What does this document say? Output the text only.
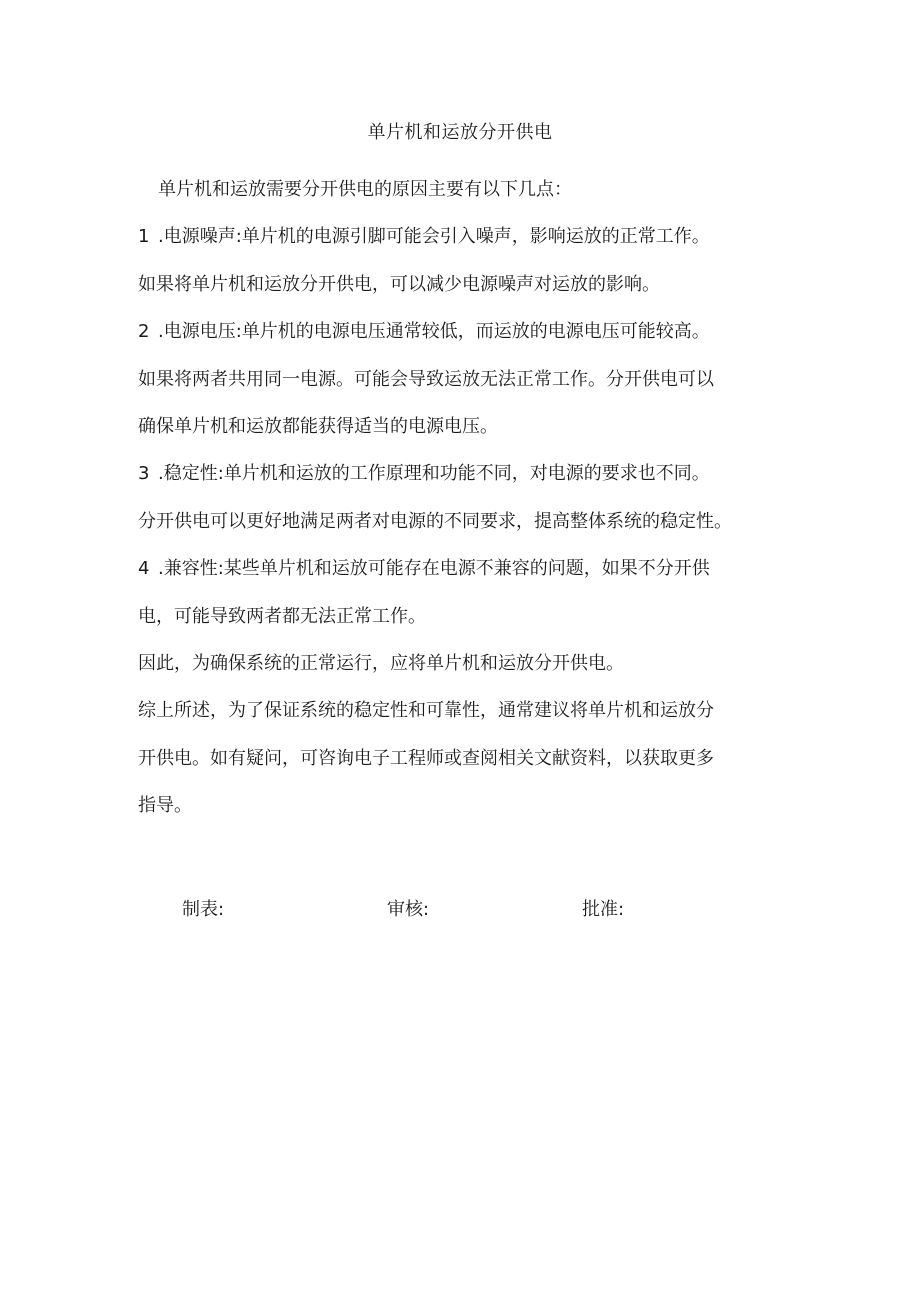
单片机和运放分开供电
单片机和运放需要分开供电的原因主要有以下几点：
1 .电源噪声:单片机的电源引脚可能会引入噪声，影响运放的正常工作。
如果将单片机和运放分开供电，可以减少电源噪声对运放的影响。
2 .电源电压:单片机的电源电压通常较低，而运放的电源电压可能较高。
如果将两者共用同一电源。可能会导致运放无法正常工作。分开供电可以
确保单片机和运放都能获得适当的电源电压。
3 .稳定性:单片机和运放的工作原理和功能不同，对电源的要求也不同。
分开供电可以更好地满足两者对电源的不同要求，提高整体系统的稳定性。
4 .兼容性:某些单片机和运放可能存在电源不兼容的问题，如果不分开供
电，可能导致两者都无法正常工作。
因此，为确保系统的正常运行，应将单片机和运放分开供电。
综上所述，为了保证系统的稳定性和可靠性，通常建议将单片机和运放分
开供电。如有疑问，可咨询电子工程师或查阅相关文献资料，以获取更多
指导。
制表:	审核:	批准:
